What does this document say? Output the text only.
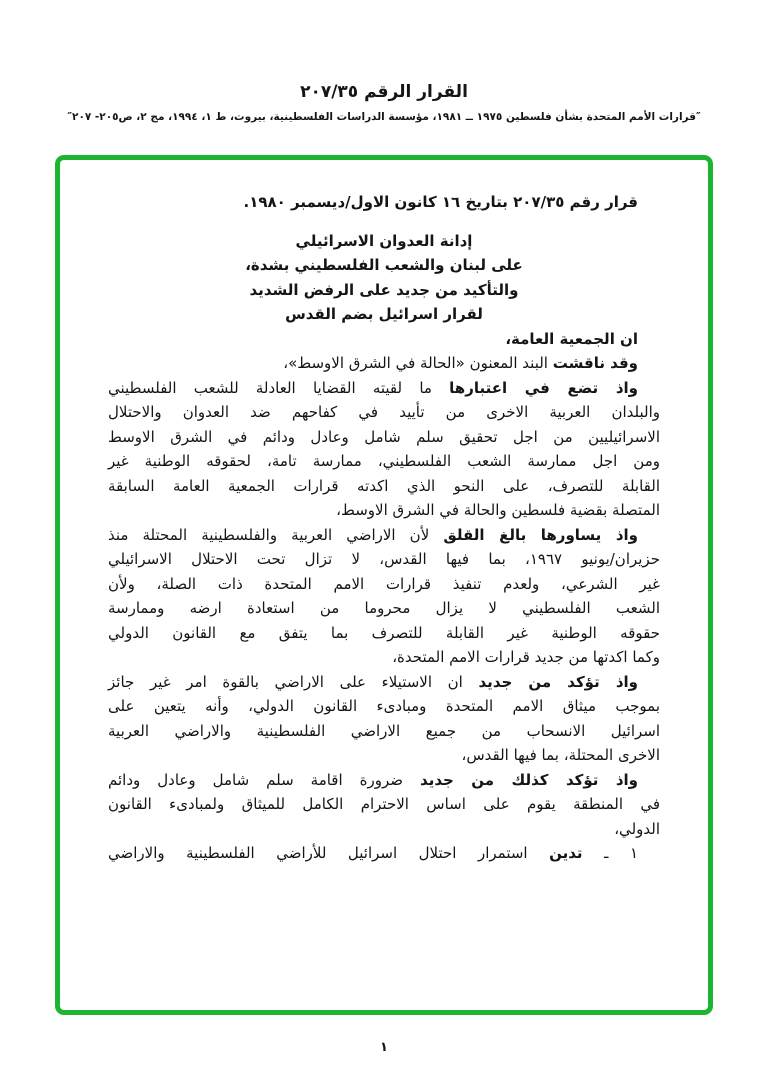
القرار الرقم ٢٠٧/٣٥
″قرارات الأمم المتحدة بشأن فلسطين ١٩٧٥ ــ ١٩٨١، مؤسسة الدراسات الفلسطينية، بيروت، ط ١، ١٩٩٤، مج ٢، ص٢٠٥- ٢٠٧″
قرار رقم ٢٠٧/٣٥ بتاريخ ١٦ كانون الاول/ديسمبر ١٩٨٠.
إدانة العدوان الاسرائيلي
على لبنان والشعب الفلسطيني بشدة،
والتأكيد من جديد على الرفض الشديد
لقرار اسرائيل بضم القدس
ان الجمعية العامة،
وقد ناقشت البند المعنون «الحالة في الشرق الاوسط»،
واذ تضع في اعتبارها ما لقيته القضايا العادلة للشعب الفلسطيني
والبلدان العربية الاخرى من تأييد في كفاحهم ضد العدوان والاحتلال
الاسرائيليين من اجل تحقيق سلم شامل وعادل ودائم في الشرق الاوسط
ومن اجل ممارسة الشعب الفلسطيني، ممارسة تامة، لحقوقه الوطنية غير
القابلة للتصرف، على النحو الذي اكدته قرارات الجمعية العامة السابقة
المتصلة بقضية فلسطين والحالة في الشرق الاوسط،
واذ يساورها بالغ القلق لأن الاراضي العربية والفلسطينية المحتلة منذ
حزيران/يونيو ١٩٦٧، بما فيها القدس، لا تزال تحت الاحتلال الاسرائيلي
غير الشرعي، ولعدم تنفيذ قرارات الامم المتحدة ذات الصلة، ولأن
الشعب الفلسطيني لا يزال محروما من استعادة ارضه وممارسة
حقوقه الوطنية غير القابلة للتصرف بما يتفق مع القانون الدولي
وكما اكدتها من جديد قرارات الامم المتحدة،
واذ تؤكد من جديد ان الاستيلاء على الاراضي بالقوة امر غير جائز
بموجب ميثاق الامم المتحدة ومبادىء القانون الدولي، وأنه يتعين على
اسرائيل الانسحاب من جميع الاراضي الفلسطينية والاراضي العربية
الاخرى المحتلة، بما فيها القدس،
واذ تؤكد كذلك من جديد ضرورة اقامة سلم شامل وعادل ودائم
في المنطقة يقوم على اساس الاحترام الكامل للميثاق ولمبادىء القانون
الدولي،
١ ـ تدين استمرار احتلال اسرائيل للأراضي الفلسطينية والاراضي
١
